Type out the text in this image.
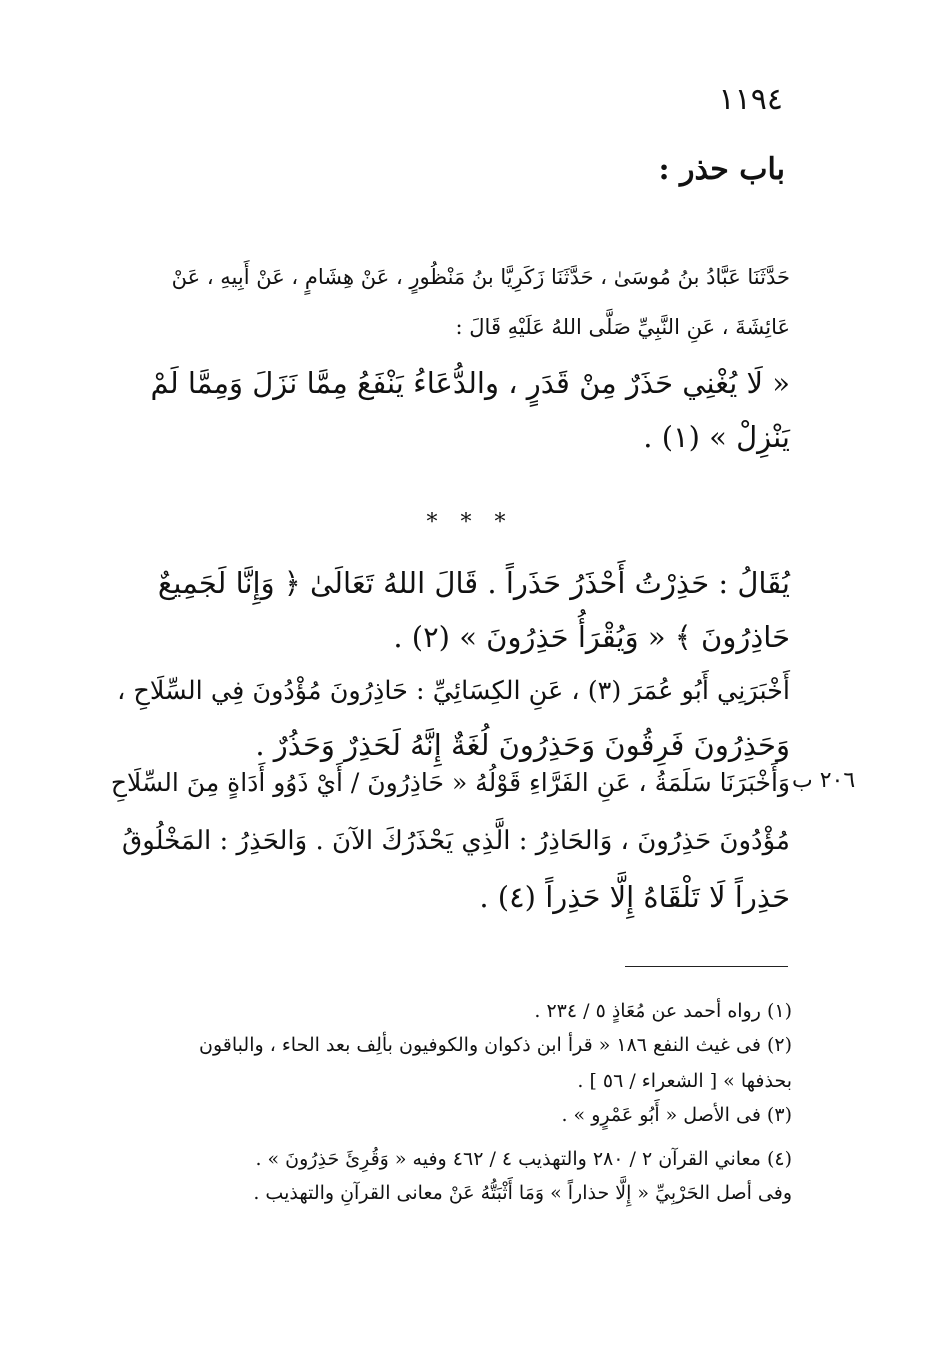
١١٩٤
باب حذر :
حَدَّثَنَا عَبَّادُ بنُ مُوسَىٰ ، حَدَّثَنَا زَكَرِيَّا بنُ مَنْظُورٍ ، عَنْ هِشَامٍ ، عَنْ أَبِيهِ ، عَنْ
عَائِشَةَ ، عَنِ النَّبِيِّ صَلَّى اللهُ عَلَيْهِ قَالَ :
« لَا يُغْنِي حَذَرٌ مِنْ قَدَرٍ ، والدُّعَاءُ يَنْفَعُ مِمَّا نَزَلَ وَمِمَّا لَمْ
يَنْزِلْ » (١) .
* * *
يُقَالُ : حَذِرْتُ أَحْذَرُ حَذَراً . قَالَ اللهُ تَعَالَىٰ ﴿ وَإِنَّا لَجَمِيعٌ
حَاذِرُونَ ﴾ « وَيُقْرَأُ حَذِرُونَ » (٢) .
أَخْبَرَنِي أَبُو عُمَرَ (٣) ، عَنِ الكِسَائِيِّ : حَاذِرُونَ مُؤْدُونَ فِي السِّلَاحِ ،
وَحَذِرُونَ فَرِقُونَ وَحَذِرُونَ لُغَةٌ إِنَّهُ لَحَذِرٌ وَحَذُرٌ .
وَأَخْبَرَنَا سَلَمَةُ ، عَنِ الفَرَّاءِ قَوْلُهُ « حَاذِرُونَ / أَيْ ذَوُو أَدَاةٍ مِنَ السِّلَاحِ
مُؤْدُونَ حَذِرُونَ ، وَالحَاذِرُ : الَّذِي يَحْذَرُكَ الآنَ . وَالحَذِرُ : المَخْلُوقُ
حَذِراً لَا تَلْقَاهُ إِلَّا حَذِراً (٤) .
٢٠٦ ب
(١) رواه أحمد عن مُعَاذٍ ٥ / ٢٣٤ .
(٢) فى غيث النفع ١٨٦ « قرأ ابن ذكوان والكوفيون بألِف بعد الحاء ، والباقون
بحذفها » [ الشعراء / ٥٦ ] .
(٣) فى الأصل « أَبُو عَمْرٍو » .
(٤) معاني القرآن ٢ / ٢٨٠ والتهذيب ٤ / ٤٦٢ وفيه « وَقُرِئَ حَذِرُونَ » .
وفى أصل الحَرْبِيِّ « إِلَّا حذاراً » وَمَا أَثْبَتُّهُ عَنْ معانى القرآنِ والتهذيب .
